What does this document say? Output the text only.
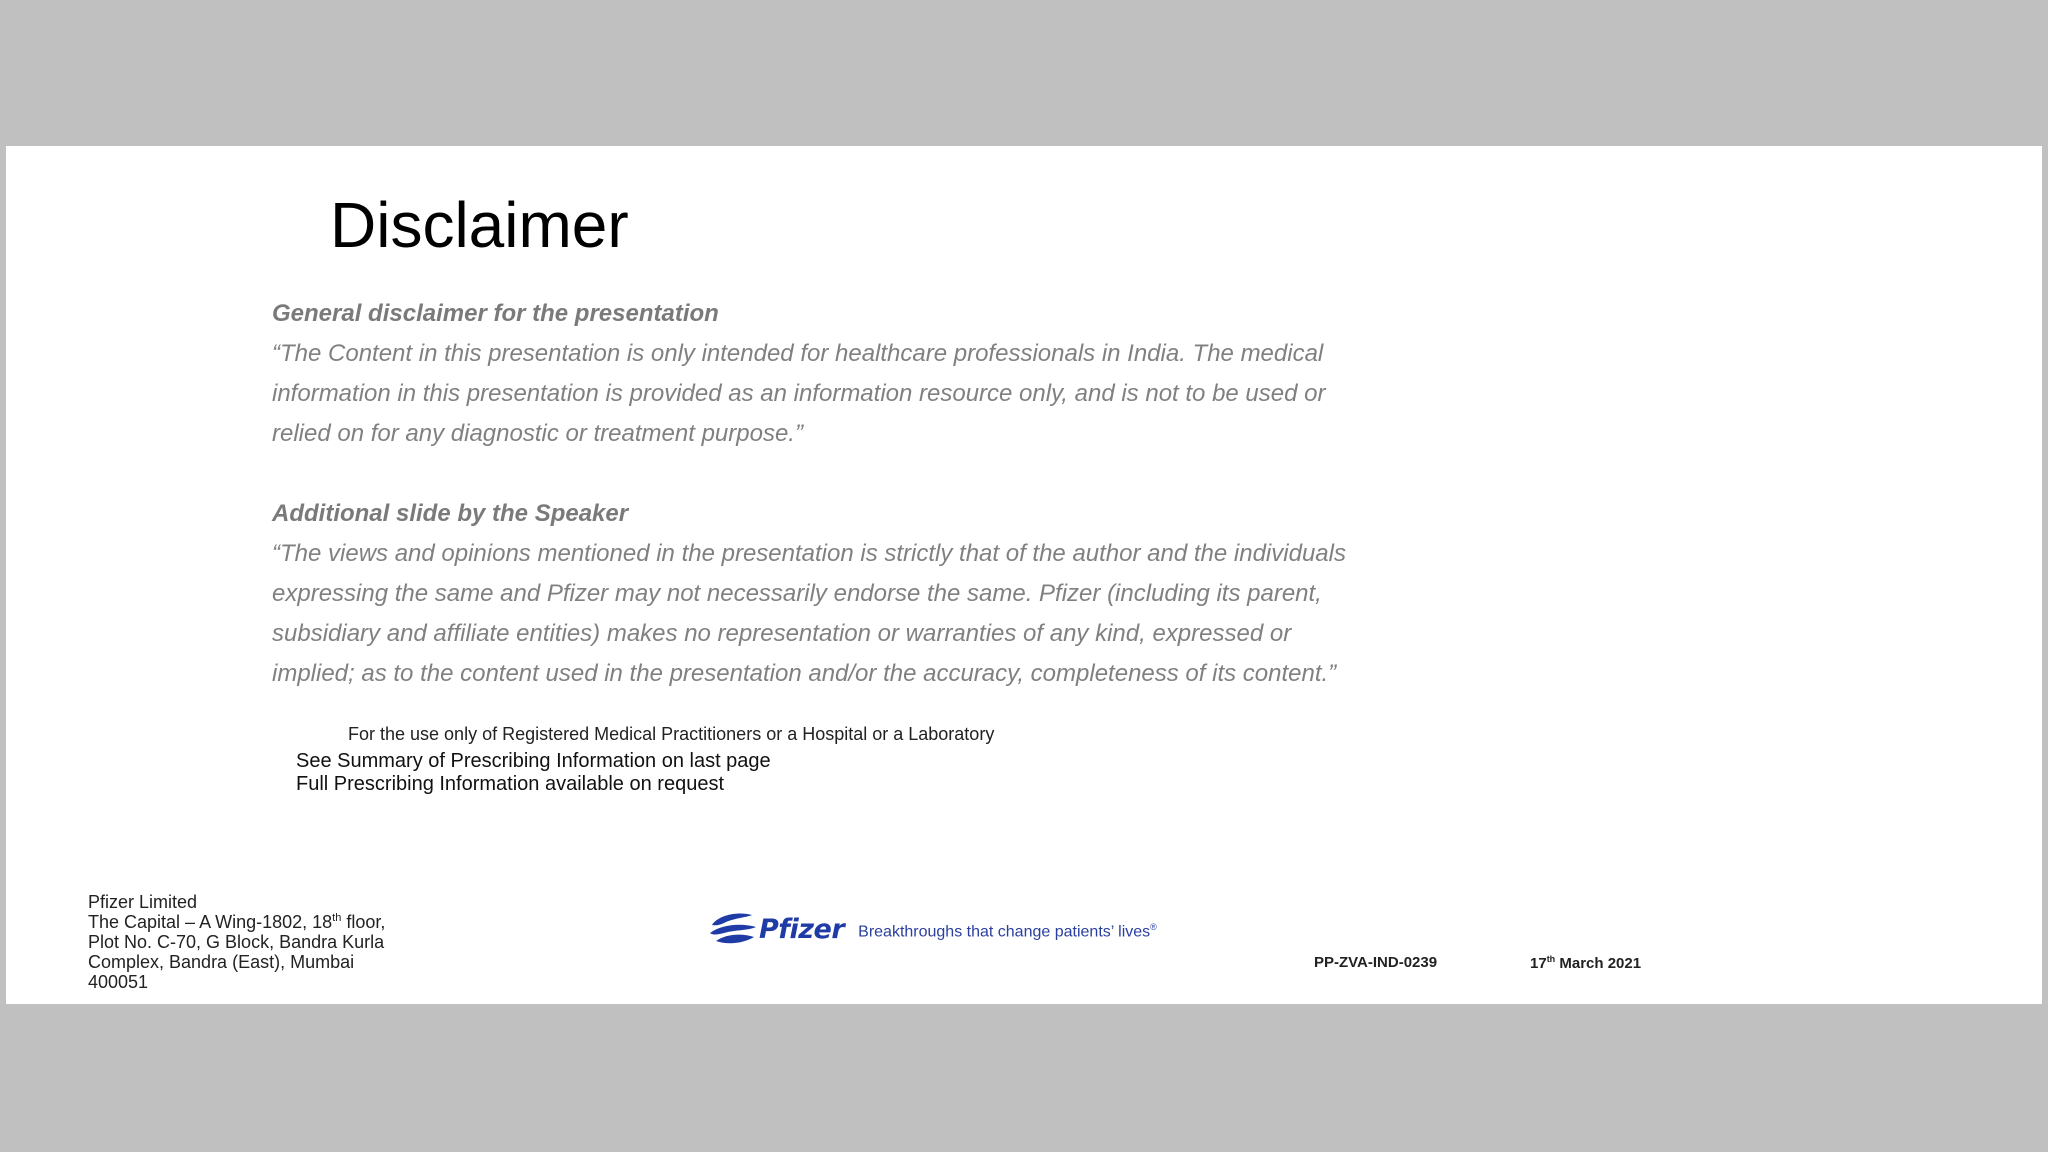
Disclaimer
General disclaimer for the presentation
“The Content in this presentation is only intended for healthcare professionals in India. The medical
information in this presentation is provided as an information resource only, and is not to be used or
relied on for any diagnostic or treatment purpose.”
Additional slide by the Speaker
“The views and opinions mentioned in the presentation is strictly that of the author and the individuals
expressing the same and Pfizer may not necessarily endorse the same. Pfizer (including its parent,
subsidiary and affiliate entities) makes no representation or warranties of any kind, expressed or
implied; as to the content used in the presentation and/or the accuracy, completeness of its content.”
For the use only of Registered Medical Practitioners or a Hospital or a Laboratory
See Summary of Prescribing Information on last page
Full Prescribing Information available on request
Pfizer Limited
The Capital – A Wing-1802, 18th floor,
Plot No. C-70, G Block, Bandra Kurla
Complex, Bandra (East), Mumbai
400051
Pfizer Breakthroughs that change patients’ lives®
PP-ZVA-IND-0239	17th March 2021
